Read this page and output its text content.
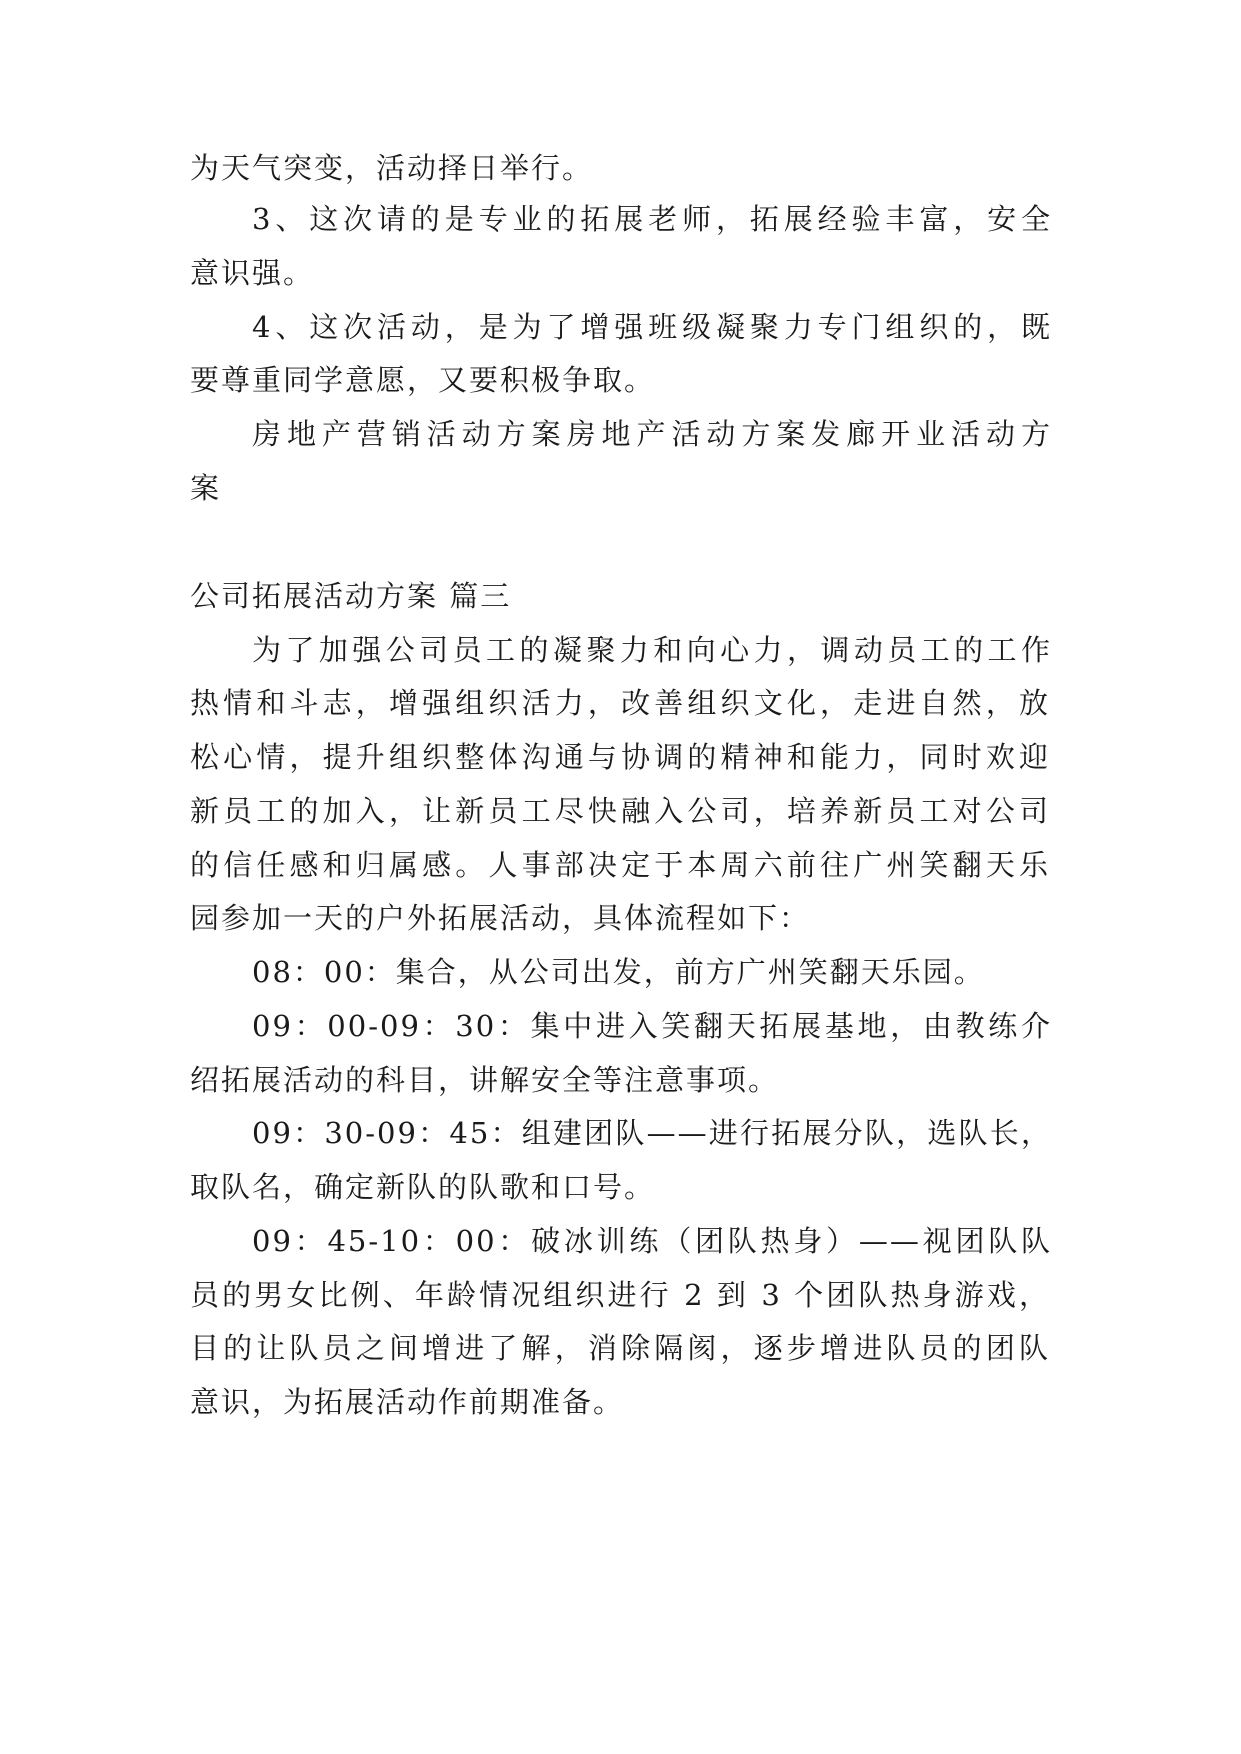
为天气突变，活动择日举行。
3、这次请的是专业的拓展老师，拓展经验丰富，安全
意识强。
4、这次活动，是为了增强班级凝聚力专门组织的，既
要尊重同学意愿，又要积极争取。
房地产营销活动方案房地产活动方案发廊开业活动方
案
公司拓展活动方案 篇三
为了加强公司员工的凝聚力和向心力，调动员工的工作
热情和斗志，增强组织活力，改善组织文化，走进自然，放
松心情，提升组织整体沟通与协调的精神和能力，同时欢迎
新员工的加入，让新员工尽快融入公司，培养新员工对公司
的信任感和归属感。人事部决定于本周六前往广州笑翻天乐
园参加一天的户外拓展活动，具体流程如下：
08：00：集合，从公司出发，前方广州笑翻天乐园。
09：00-09：30：集中进入笑翻天拓展基地，由教练介
绍拓展活动的科目，讲解安全等注意事项。
09：30-09：45：组建团队——进行拓展分队，选队长，
取队名，确定新队的队歌和口号。
09：45-10：00：破冰训练（团队热身）——视团队队
员的男女比例、年龄情况组织进行 2 到 3 个团队热身游戏，
目的让队员之间增进了解，消除隔阂，逐步增进队员的团队
意识，为拓展活动作前期准备。
